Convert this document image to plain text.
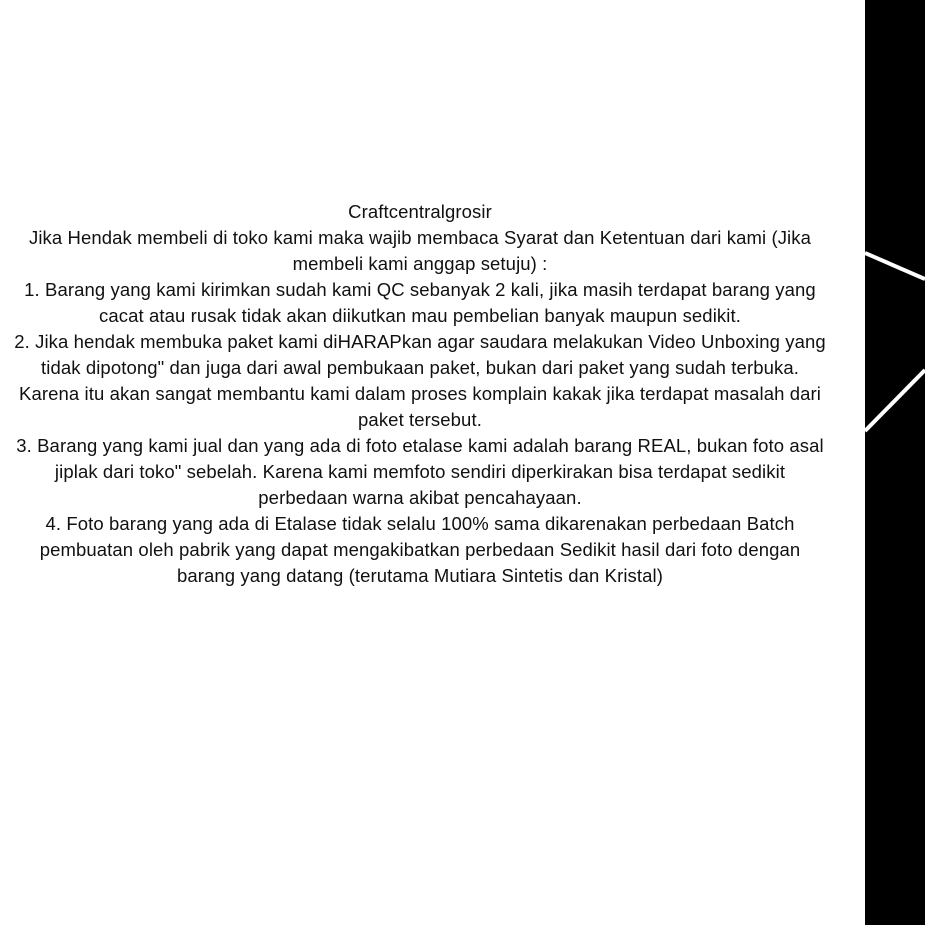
Craftcentralgrosir
Jika Hendak membeli di toko kami maka wajib membaca Syarat dan Ketentuan dari kami (Jika
membeli kami anggap setuju) :
1. Barang yang kami kirimkan sudah kami QC sebanyak 2 kali, jika masih terdapat barang yang
cacat atau rusak tidak akan diikutkan mau pembelian banyak maupun sedikit.
2. Jika hendak membuka paket kami diHARAPkan agar saudara melakukan Video Unboxing yang
tidak dipotong" dan juga dari awal pembukaan paket, bukan dari paket yang sudah terbuka.
Karena itu akan sangat membantu kami dalam proses komplain kakak jika terdapat masalah dari
paket tersebut.
3. Barang yang kami jual dan yang ada di foto etalase kami adalah barang REAL, bukan foto asal
jiplak dari toko" sebelah. Karena kami memfoto sendiri diperkirakan bisa terdapat sedikit
perbedaan warna akibat pencahayaan.
4. Foto barang yang ada di Etalase tidak selalu 100% sama dikarenakan perbedaan Batch
pembuatan oleh pabrik yang dapat mengakibatkan perbedaan Sedikit hasil dari foto dengan
barang yang datang (terutama Mutiara Sintetis dan Kristal)
